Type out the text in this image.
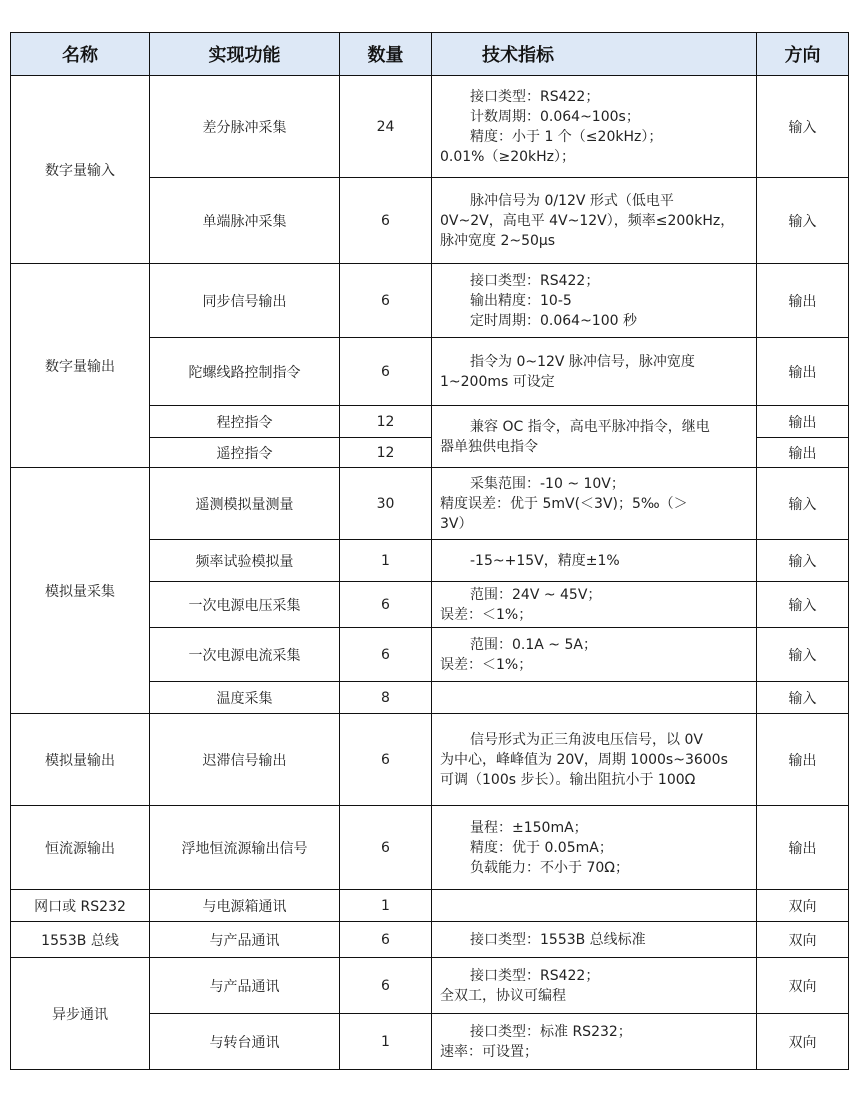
名称	实现功能	数量	技术指标	方向
数字量输入	差分脉冲采集	24	接口类型：RS422；
计数周期：0.064~100s；
精度：小于 1 个（≤20kHz）；
0.01%（≥20kHz）；	输入
	单端脉冲采集	6	脉冲信号为 0/12V 形式（低电平
0V~2V，高电平 4V~12V），频率≤200kHz，
脉冲宽度 2~50μs	输入
数字量输出	同步信号输出	6	接口类型：RS422；
输出精度：10-5
定时周期：0.064~100 秒	输出
	陀螺线路控制指令	6	指令为 0~12V 脉冲信号，脉冲宽度
1~200ms 可设定	输出
	程控指令	12	兼容 OC 指令，高电平脉冲指令，继电
器单独供电指令	输出
	遥控指令	12		输出
模拟量采集	遥测模拟量测量	30	采集范围：-10 ~ 10V；
精度误差：优于 5mV(＜3V)；5‰（＞
3V）	输入
	频率试验模拟量	1	-15~+15V，精度±1%	输入
	一次电源电压采集	6	范围：24V ~ 45V；
误差：＜1%；	输入
	一次电源电流采集	6	范围：0.1A ~ 5A；
误差：＜1%；	输入
	温度采集	8		输入
模拟量输出	迟滞信号输出	6	信号形式为正三角波电压信号，以 0V
为中心，峰峰值为 20V，周期 1000s~3600s
可调（100s 步长）。输出阻抗小于 100Ω	输出
恒流源输出	浮地恒流源输出信号	6	量程：±150mA；
精度：优于 0.05mA；
负载能力：不小于 70Ω；	输出
网口或 RS232	与电源箱通讯	1		双向
1553B 总线	与产品通讯	6	接口类型：1553B 总线标准	双向
异步通讯	与产品通讯	6	接口类型：RS422；
全双工，协议可编程	双向
	与转台通讯	1	接口类型：标准 RS232；
速率：可设置；	双向
